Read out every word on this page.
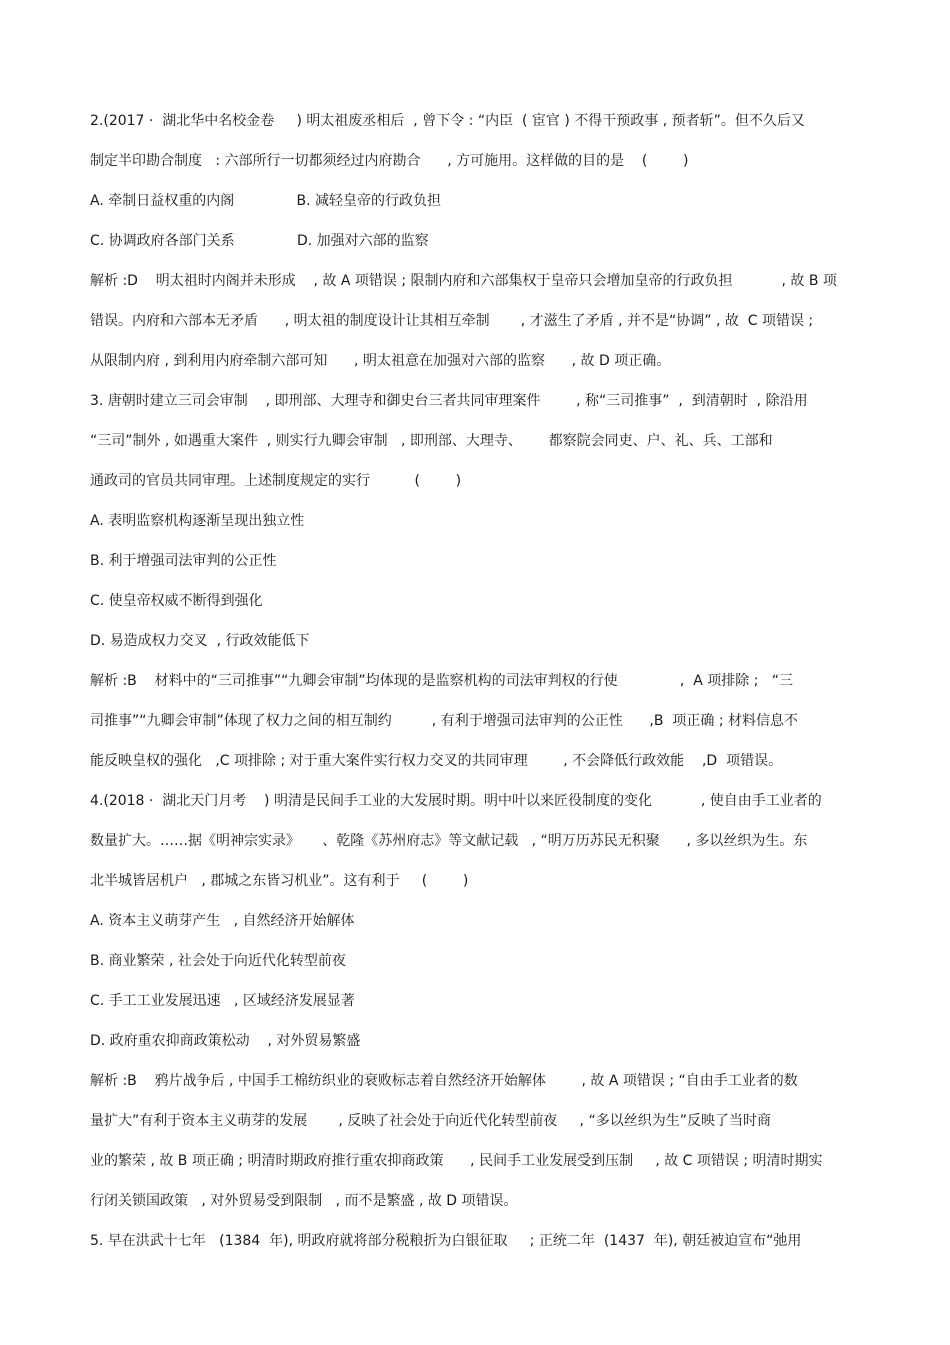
2.(2017 ·  湖北华中名校金卷     ) 明太祖废丞相后  , 曾下令 : “内臣  ( 宦官 ) 不得干预政事 , 预者斩”。但不久后又
制定半印勘合制度   : 六部所行一切都须经过内府勘合      , 方可施用。这样做的目的是    (        )
A. 牵制日益权重的内阁              B. 减轻皇帝的行政负担
C. 协调政府各部门关系              D. 加强对六部的监察
解析 :D    明太祖时内阁并未形成    , 故 A 项错误 ; 限制内府和六部集权于皇帝只会增加皇帝的行政负担           , 故 B 项
错误。内府和六部本无矛盾      , 明太祖的制度设计让其相互牵制       , 才滋生了矛盾 , 并不是“协调” , 故  C 项错误 ;
从限制内府 , 到利用内府牵制六部可知      , 明太祖意在加强对六部的监察      , 故 D 项正确。
3. 唐朝时建立三司会审制    , 即刑部、大理寺和御史台三者共同审理案件        , 称“三司推事”  ,  到清朝时  , 除沿用
“三司”制外 , 如遇重大案件  , 则实行九卿会审制   , 即刑部、大理寺、      都察院会同吏、户、礼、兵、工部和
通政司的官员共同审理。上述制度规定的实行          (        )
A. 表明监察机构逐渐呈现出独立性
B. 利于增强司法审判的公正性
C. 使皇帝权威不断得到强化
D. 易造成权力交叉  , 行政效能低下
解析 :B    材料中的“三司推事”“九卿会审制”均体现的是监察机构的司法审判权的行使              ,  A 项排除 ;   “三
司推事”“九卿会审制”体现了权力之间的相互制约         , 有利于增强司法审判的公正性      ,B  项正确 ; 材料信息不
能反映皇权的强化   ,C 项排除 ; 对于重大案件实行权力交叉的共同审理        , 不会降低行政效能    ,D  项错误。
4.(2018 ·  湖北天门月考    ) 明清是民间手工业的大发展时期。明中叶以来匠役制度的变化           , 使自由手工业者的
数量扩大。……据《明神宗实录》     、乾隆《苏州府志》等文献记载   , “明万历苏民无积聚      , 多以丝织为生。东
北半城皆居机户   , 郡城之东皆习机业”。这有利于     (        )
A. 资本主义萌芽产生   , 自然经济开始解体
B. 商业繁荣 , 社会处于向近代化转型前夜
C. 手工工业发展迅速   , 区域经济发展显著
D. 政府重农抑商政策松动    , 对外贸易繁盛
解析 :B    鸦片战争后 , 中国手工棉纺织业的衰败标志着自然经济开始解体        , 故 A 项错误 ; “自由手工业者的数
量扩大”有利于资本主义萌芽的发展       , 反映了社会处于向近代化转型前夜     , “多以丝织为生”反映了当时商
业的繁荣 , 故 B 项正确 ; 明清时期政府推行重农抑商政策      , 民间手工业发展受到压制     , 故 C 项错误 ; 明清时期实
行闭关锁国政策   , 对外贸易受到限制   , 而不是繁盛 , 故 D 项错误。
5. 早在洪武十七年   (1384  年), 明政府就将部分税粮折为白银征取     ; 正统二年  (1437  年), 朝廷被迫宣布“弛用
